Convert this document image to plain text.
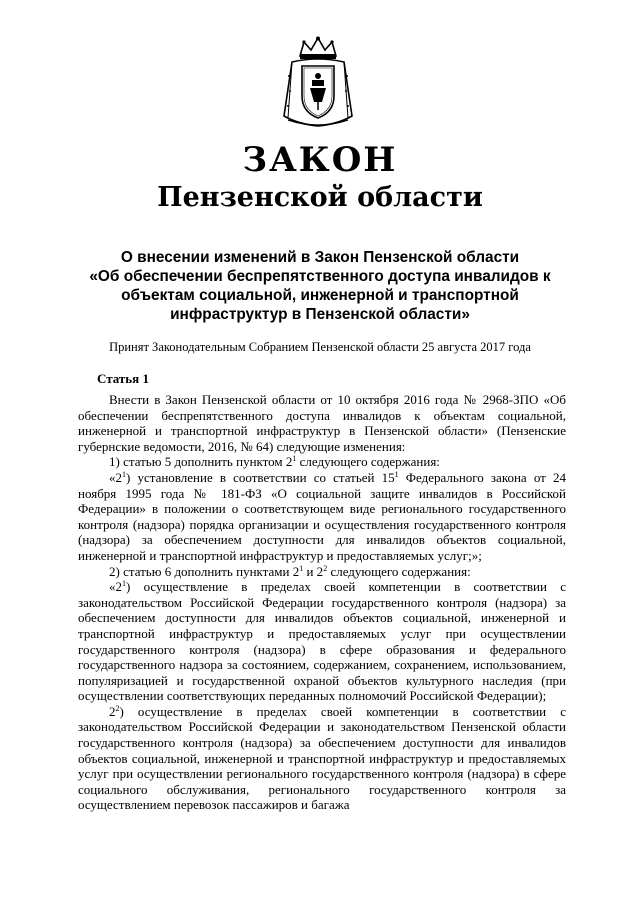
ЗАКОН
Пензенской области
О внесении изменений в Закон Пензенской области
«Об обеспечении беспрепятственного доступа инвалидов к
объектам социальной, инженерной и транспортной
инфраструктур в Пензенской области»

Принят Законодательным Собранием Пензенской области 25 августа 2017 года

Статья 1

Внести в Закон Пензенской области от 10 октября 2016 года № 2968-ЗПО «Об обеспечении беспрепятственного доступа инвалидов к объектам социальной, инженерной и транспортной инфраструктур в Пензенской области» (Пензенские губернские ведомости, 2016, № 64) следующие изменения:

1) статью 5 дополнить пунктом $2^1$ следующего содержания:

«$2^1$) установление в соответствии со статьей $15^1$ Федерального закона от 24 ноября 1995 года № 181-ФЗ «О социальной защите инвалидов в Российской Федерации» в положении о соответствующем виде регионального государственного контроля (надзора) порядка организации и осуществления государственного контроля (надзора) за обеспечением доступности для инвалидов объектов социальной, инженерной и транспортной инфраструктур и предоставляемых услуг;»;

2) статью 6 дополнить пунктами $2^1$ и $2^2$ следующего содержания:

«$2^1$) осуществление в пределах своей компетенции в соответствии с законодательством Российской Федерации государственного контроля (надзора) за обеспечением доступности для инвалидов объектов социальной, инженерной и транспортной инфраструктур и предоставляемых услуг при осуществлении государственного контроля (надзора) в сфере образования и федерального государственного надзора за состоянием, содержанием, сохранением, использованием, популяризацией и государственной охраной объектов культурного наследия (при осуществлении соответствующих переданных полномочий Российской Федерации);

$2^2$) осуществление в пределах своей компетенции в соответствии с законодательством Российской Федерации и законодательством Пензенской области государственного контроля (надзора) за обеспечением доступности для инвалидов объектов социальной, инженерной и транспортной инфраструктур и предоставляемых услуг при осуществлении регионального государственного контроля (надзора) в сфере социального обслуживания, регионального государственного контроля за осуществлением перевозок пассажиров и багажа
